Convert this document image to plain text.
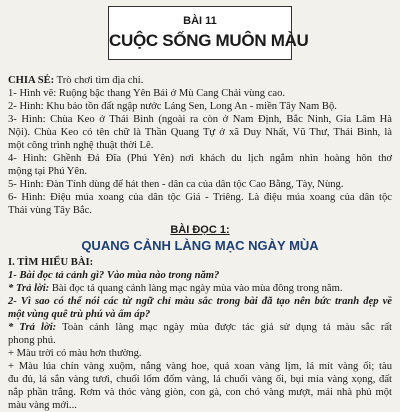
BÀI 11
CUỘC SỐNG MUÔN MÀU
CHIA SẺ: Trò chơi tìm địa chỉ.
1- Hình vẽ: Ruộng bậc thang Yên Bái ở Mù Cang Chải vùng cao.
2- Hình: Khu bảo tồn đất ngập nước Láng Sen, Long An - miền Tây Nam Bộ.
3- Hình: Chùa Keo ở Thái Bình (ngoài ra còn ở Nam Định, Bắc Ninh, Gia Lâm Hà
Nội). Chùa Keo có tên chữ là Thần Quang Tự ở xã Duy Nhất, Vũ Thư, Thái Bình, là
một công trình nghệ thuật thời Lê.
4- Hình: Ghềnh Đá Đĩa (Phú Yên) nơi khách du lịch ngắm nhìn hoàng hôn thơ
mộng tại Phú Yên.
5- Hình: Đàn Tính dùng để hát then - dân ca của dân tộc Cao Bằng, Tày, Nùng.
6- Hình: Điệu múa xoang của dân tộc Giá - Triêng. Là điệu múa xoang của dân tộc
Thái vùng Tây Bắc.
BÀI ĐỌC 1:
QUANG CẢNH LÀNG MẠC NGÀY MÙA
I. TÌM HIỂU BÀI:
1- Bài đọc tả cảnh gì? Vào mùa nào trong năm?
* Trả lời: Bài đọc tả quang cảnh làng mạc ngày mùa vào mùa đông trong năm.
2- Vì sao có thể nói các từ ngữ chỉ màu sắc trong bài đã tạo nên bức tranh đẹp về
một vùng quê trù phú và ấm áp?
* Trả lời: Toàn cảnh làng mạc ngày mùa được tác giả sử dụng tả màu sắc rất
phong phú.
+ Màu trời có màu hơn thường.
+ Màu lúa chín vàng xuộm, nắng vàng hoe, quả xoan vàng lịm, lá mít vàng ối; tàu
đu đủ, lá sắn vàng tươi, chuối lốm đốm vàng, lá chuối vàng ối, bụi mía vàng xọng, đất
nắp phần trắng. Rơm và thóc vàng giòn, con gà, con chó vàng mượt, mái nhà phủ một
màu vàng mới...
